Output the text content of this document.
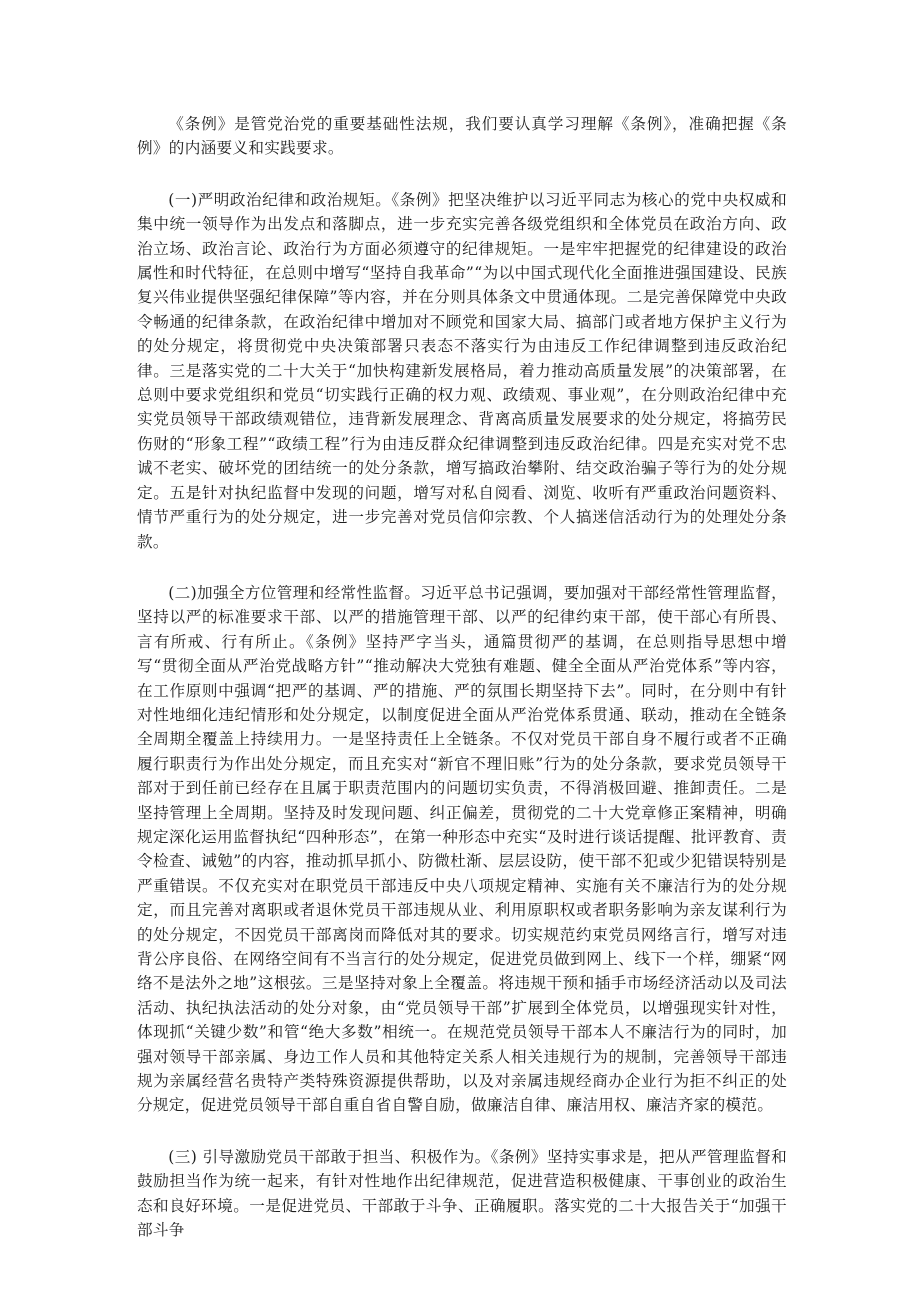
《条例》是管党治党的重要基础性法规，我们要认真学习理解《条例》，准确把握《条例》的内涵要义和实践要求。

(一)严明政治纪律和政治规矩。《条例》把坚决维护以习近平同志为核心的党中央权威和集中统一领导作为出发点和落脚点，进一步充实完善各级党组织和全体党员在政治方向、政治立场、政治言论、政治行为方面必须遵守的纪律规矩。一是牢牢把握党的纪律建设的政治属性和时代特征，在总则中增写“坚持自我革命”“为以中国式现代化全面推进强国建设、民族复兴伟业提供坚强纪律保障”等内容，并在分则具体条文中贯通体现。二是完善保障党中央政令畅通的纪律条款，在政治纪律中增加对不顾党和国家大局、搞部门或者地方保护主义行为的处分规定，将贯彻党中央决策部署只表态不落实行为由违反工作纪律调整到违反政治纪律。三是落实党的二十大关于“加快构建新发展格局，着力推动高质量发展”的决策部署，在总则中要求党组织和党员“切实践行正确的权力观、政绩观、事业观”，在分则政治纪律中充实党员领导干部政绩观错位，违背新发展理念、背离高质量发展要求的处分规定，将搞劳民伤财的“形象工程”“政绩工程”行为由违反群众纪律调整到违反政治纪律。四是充实对党不忠诚不老实、破坏党的团结统一的处分条款，增写搞政治攀附、结交政治骗子等行为的处分规定。五是针对执纪监督中发现的问题，增写对私自阅看、浏览、收听有严重政治问题资料、情节严重行为的处分规定，进一步完善对党员信仰宗教、个人搞迷信活动行为的处理处分条款。

(二)加强全方位管理和经常性监督。习近平总书记强调，要加强对干部经常性管理监督，坚持以严的标准要求干部、以严的措施管理干部、以严的纪律约束干部，使干部心有所畏、言有所戒、行有所止。《条例》坚持严字当头，通篇贯彻严的基调，在总则指导思想中增写“贯彻全面从严治党战略方针”“推动解决大党独有难题、健全全面从严治党体系”等内容，在工作原则中强调“把严的基调、严的措施、严的氛围长期坚持下去”。同时，在分则中有针对性地细化违纪情形和处分规定，以制度促进全面从严治党体系贯通、联动，推动在全链条全周期全覆盖上持续用力。一是坚持责任上全链条。不仅对党员干部自身不履行或者不正确履行职责行为作出处分规定，而且充实对“新官不理旧账”行为的处分条款，要求党员领导干部对于到任前已经存在且属于职责范围内的问题切实负责，不得消极回避、推卸责任。二是坚持管理上全周期。坚持及时发现问题、纠正偏差，贯彻党的二十大党章修正案精神，明确规定深化运用监督执纪“四种形态”，在第一种形态中充实“及时进行谈话提醒、批评教育、责令检查、诫勉”的内容，推动抓早抓小、防微杜渐、层层设防，使干部不犯或少犯错误特别是严重错误。不仅充实对在职党员干部违反中央八项规定精神、实施有关不廉洁行为的处分规定，而且完善对离职或者退休党员干部违规从业、利用原职权或者职务影响为亲友谋利行为的处分规定，不因党员干部离岗而降低对其的要求。切实规范约束党员网络言行，增写对违背公序良俗、在网络空间有不当言行的处分规定，促进党员做到网上、线下一个样，绷紧“网络不是法外之地”这根弦。三是坚持对象上全覆盖。将违规干预和插手市场经济活动以及司法活动、执纪执法活动的处分对象，由“党员领导干部”扩展到全体党员，以增强现实针对性，体现抓“关键少数”和管“绝大多数”相统一。在规范党员领导干部本人不廉洁行为的同时，加强对领导干部亲属、身边工作人员和其他特定关系人相关违规行为的规制，完善领导干部违规为亲属经营名贵特产类特殊资源提供帮助，以及对亲属违规经商办企业行为拒不纠正的处分规定，促进党员领导干部自重自省自警自励，做廉洁自律、廉洁用权、廉洁齐家的模范。

(三) 引导激励党员干部敢于担当、积极作为。《条例》坚持实事求是，把从严管理监督和鼓励担当作为统一起来，有针对性地作出纪律规范，促进营造积极健康、干事创业的政治生态和良好环境。一是促进党员、干部敢于斗争、正确履职。落实党的二十大报告关于“加强干部斗争
